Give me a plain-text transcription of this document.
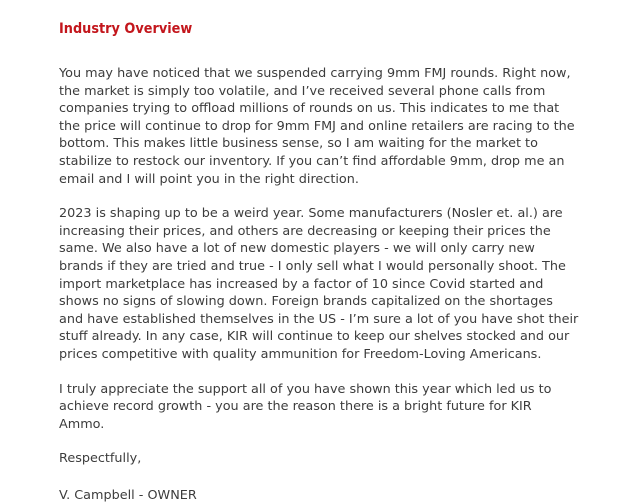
Industry Overview

You may have noticed that we suspended carrying 9mm FMJ rounds. Right now, the market is simply too volatile, and I’ve received several phone calls from companies trying to offload millions of rounds on us. This indicates to me that the price will continue to drop for 9mm FMJ and online retailers are racing to the bottom. This makes little business sense, so I am waiting for the market to stabilize to restock our inventory. If you can’t find affordable 9mm, drop me an email and I will point you in the right direction.

2023 is shaping up to be a weird year. Some manufacturers (Nosler et. al.) are increasing their prices, and others are decreasing or keeping their prices the same. We also have a lot of new domestic players - we will only carry new brands if they are tried and true - I only sell what I would personally shoot. The import marketplace has increased by a factor of 10 since Covid started and shows no signs of slowing down. Foreign brands capitalized on the shortages and have established themselves in the US - I’m sure a lot of you have shot their stuff already. In any case, KIR will continue to keep our shelves stocked and our prices competitive with quality ammunition for Freedom-Loving Americans.

I truly appreciate the support all of you have shown this year which led us to achieve record growth - you are the reason there is a bright future for KIR Ammo.

Respectfully,

V. Campbell - OWNER
